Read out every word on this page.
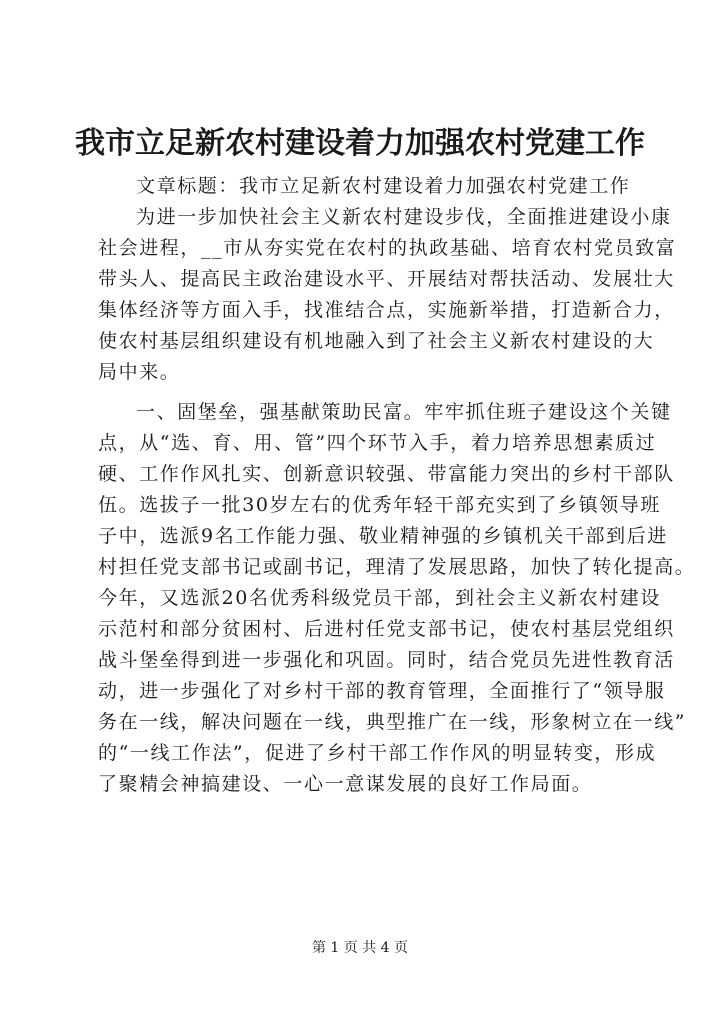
我市立足新农村建设着力加强农村党建工作
文章标题：我市立足新农村建设着力加强农村党建工作
为进一步加快社会主义新农村建设步伐，全面推进建设小康
社会进程，__市从夯实党在农村的执政基础、培育农村党员致富
带头人、提高民主政治建设水平、开展结对帮扶活动、发展壮大
集体经济等方面入手，找准结合点，实施新举措，打造新合力，
使农村基层组织建设有机地融入到了社会主义新农村建设的大
局中来。
一、固堡垒，强基献策助民富。牢牢抓住班子建设这个关键
点，从“选、育、用、管”四个环节入手，着力培养思想素质过
硬、工作作风扎实、创新意识较强、带富能力突出的乡村干部队
伍。选拔子一批30岁左右的优秀年轻干部充实到了乡镇领导班
子中，选派9名工作能力强、敬业精神强的乡镇机关干部到后进
村担任党支部书记或副书记，理清了发展思路，加快了转化提高。
今年，又选派20名优秀科级党员干部，到社会主义新农村建设
示范村和部分贫困村、后进村任党支部书记，使农村基层党组织
战斗堡垒得到进一步强化和巩固。同时，结合党员先进性教育活
动，进一步强化了对乡村干部的教育管理，全面推行了“领导服
务在一线，解决问题在一线，典型推广在一线，形象树立在一线”
的“一线工作法”，促进了乡村干部工作作风的明显转变，形成
了聚精会神搞建设、一心一意谋发展的良好工作局面。
第 1 页 共 4 页
